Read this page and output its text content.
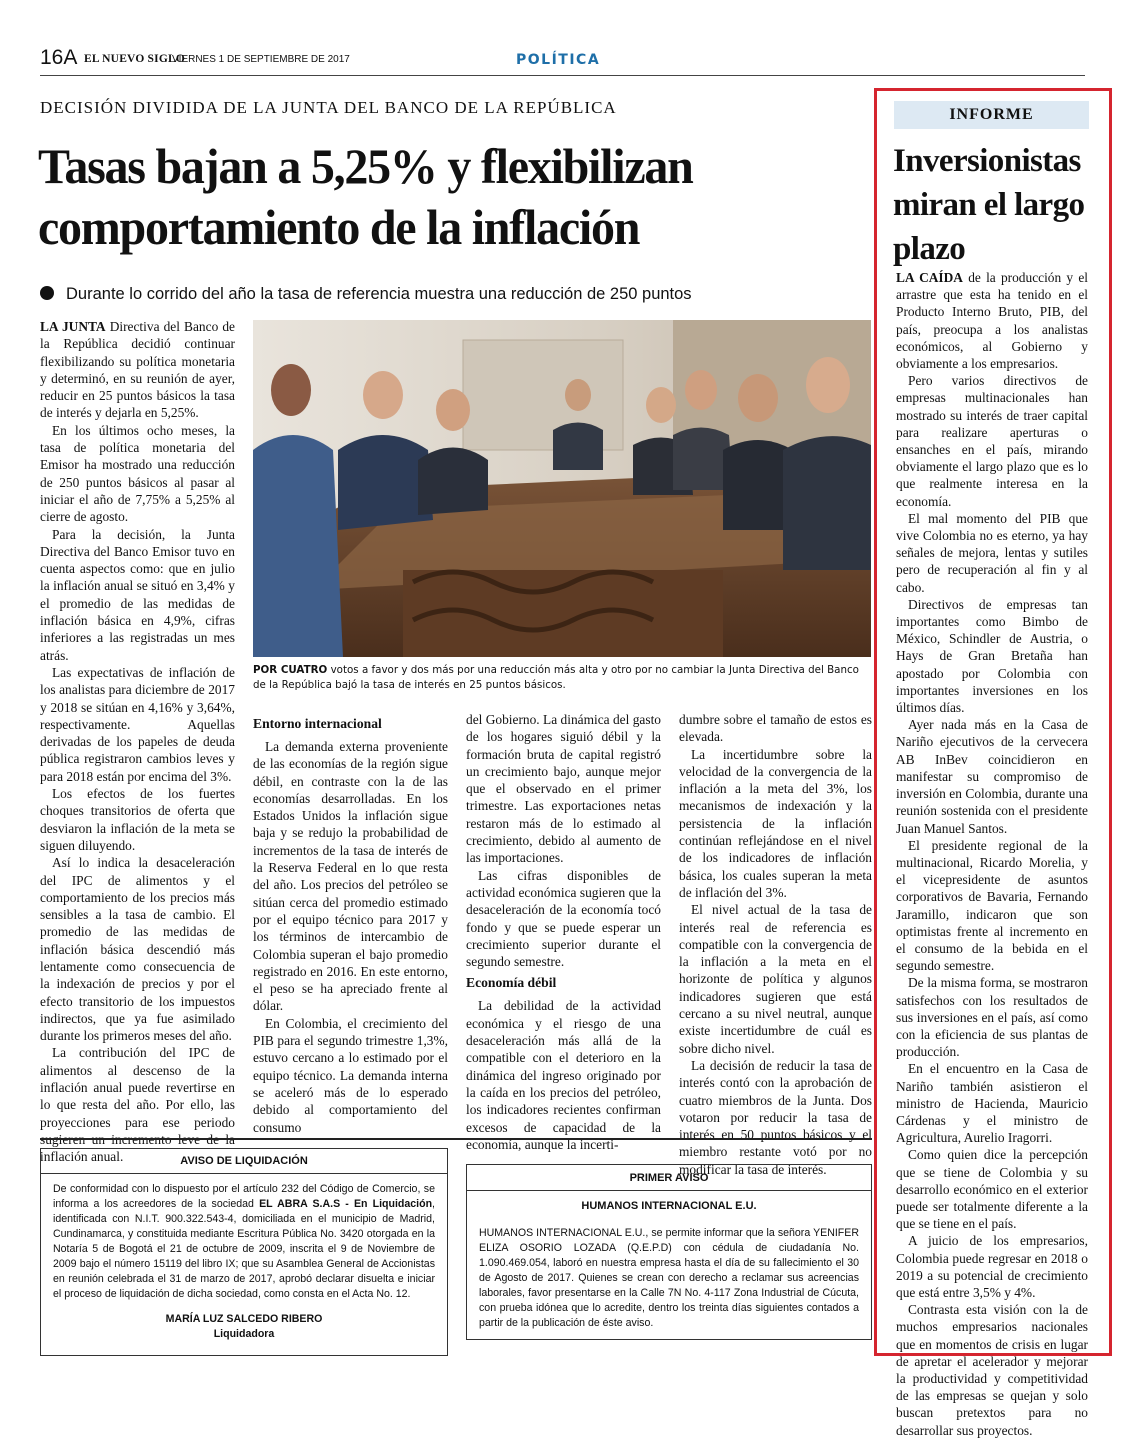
16A EL NUEVO SIGLO
VIERNES 1 DE SEPTIEMBRE DE 2017	POLÍTICA
DECISIÓN DIVIDIDA DE LA JUNTA DEL BANCO DE LA REPÚBLICA
Tasas bajan a 5,25% y flexibilizan comportamiento de la inflación
Durante lo corrido del año la tasa de referencia muestra una reducción de 250 puntos

LA JUNTA Directiva del Banco de la República decidió continuar flexibilizando su política monetaria y determinó, en su reunión de ayer, reducir en 25 puntos básicos la tasa de interés y dejarla en 5,25%.

En los últimos ocho meses, la tasa de política monetaria del Emisor ha mostrado una reducción de 250 puntos básicos al pasar al iniciar el año de 7,75% a 5,25% al cierre de agosto.

Para la decisión, la Junta Directiva del Banco Emisor tuvo en cuenta aspectos como: que en julio la inflación anual se situó en 3,4% y el promedio de las medidas de inflación básica en 4,9%, cifras inferiores a las registradas un mes atrás.

Las expectativas de inflación de los analistas para diciembre de 2017 y 2018 se sitúan en 4,16% y 3,64%, respectivamente. Aquellas derivadas de los papeles de deuda pública registraron cambios leves y para 2018 están por encima del 3%.

Los efectos de los fuertes choques transitorios de oferta que desviaron la inflación de la meta se siguen diluyendo.

Así lo indica la desaceleración del IPC de alimentos y el comportamiento de los precios más sensibles a la tasa de cambio. El promedio de las medidas de inflación básica descendió más lentamente como consecuencia de la indexación de precios y por el efecto transitorio de los impuestos indirectos, que ya fue asimilado durante los primeros meses del año.

La contribución del IPC de alimentos al descenso de la inflación anual puede revertirse en lo que resta del año. Por ello, las proyecciones para ese periodo sugieren un incremento leve de la inflación anual.

POR CUATRO votos a favor y dos más por una reducción más alta y otro por no cambiar la Junta Directiva del Banco de la República bajó la tasa de interés en 25 puntos básicos.
Entorno internacional

La demanda externa proveniente de las economías de la región sigue débil, en contraste con la de las economías desarrolladas. En los Estados Unidos la inflación sigue baja y se redujo la probabilidad de incrementos de la tasa de interés de la Reserva Federal en lo que resta del año. Los precios del petróleo se sitúan cerca del promedio estimado por el equipo técnico para 2017 y los términos de intercambio de Colombia superan el bajo promedio registrado en 2016. En este entorno, el peso se ha apreciado frente al dólar.

En Colombia, el crecimiento del PIB para el segundo trimestre 1,3%, estuvo cercano a lo estimado por el equipo técnico. La demanda interna se aceleró más de lo esperado debido al comportamiento del consumo

del Gobierno. La dinámica del gasto de los hogares siguió débil y la formación bruta de capital registró un crecimiento bajo, aunque mejor que el observado en el primer trimestre. Las exportaciones netas restaron más de lo estimado al crecimiento, debido al aumento de las importaciones.

Las cifras disponibles de actividad económica sugieren que la desaceleración de la economía tocó fondo y que se puede esperar un crecimiento superior durante el segundo semestre.

Economía débil

La debilidad de la actividad económica y el riesgo de una desaceleración más allá de la compatible con el deterioro en la dinámica del ingreso originado por la caída en los precios del petróleo, los indicadores recientes confirman excesos de capacidad de la economía, aunque la incerti-

dumbre sobre el tamaño de estos es elevada.

La incertidumbre sobre la velocidad de la convergencia de la inflación a la meta del 3%, los mecanismos de indexación y la persistencia de la inflación continúan reflejándose en el nivel de los indicadores de inflación básica, los cuales superan la meta de inflación del 3%.

El nivel actual de la tasa de interés real de referencia es compatible con la convergencia de la inflación a la meta en el horizonte de política y algunos indicadores sugieren que está cercano a su nivel neutral, aunque existe incertidumbre de cuál es sobre dicho nivel.

La decisión de reducir la tasa de interés contó con la aprobación de cuatro miembros de la Junta. Dos votaron por reducir la tasa de interés en 50 puntos básicos y el miembro restante votó por no modificar la tasa de interés.

AVISO DE LIQUIDACIÓN

De conformidad con lo dispuesto por el artículo 232 del Código de Comercio, se informa a los acreedores de la sociedad EL ABRA S.A.S - En Liquidación, identificada con N.I.T. 900.322.543-4, domiciliada en el municipio de Madrid, Cundinamarca, y constituida mediante Escritura Pública No. 3420 otorgada en la Notaría 5 de Bogotá el 21 de octubre de 2009, inscrita el 9 de Noviembre de 2009 bajo el número 15119 del libro IX; que su Asamblea General de Accionistas en reunión celebrada el 31 de marzo de 2017, aprobó declarar disuelta e iniciar el proceso de liquidación de dicha sociedad, como consta en el Acta No. 12.

MARÍA LUZ SALCEDO RIBERO
Liquidadora
PRIMER AVISO
HUMANOS INTERNACIONAL E.U.

HUMANOS INTERNACIONAL E.U., se permite informar que la señora YENIFER ELIZA OSORIO LOZADA (Q.E.P.D) con cédula de ciudadanía No. 1.090.469.054, laboró en nuestra empresa hasta el día de su fallecimiento el 30 de Agosto de 2017. Quienes se crean con derecho a reclamar sus acreencias laborales, favor presentarse en la Calle 7N No. 4-117 Zona Industrial de Cúcuta, con prueba idónea que lo acredite, dentro los treinta días siguientes contados a partir de la publicación de éste aviso.

INFORME
Inversionistas miran el largo plazo

LA CAÍDA de la producción y el arrastre que esta ha tenido en el Producto Interno Bruto, PIB, del país, preocupa a los analistas económicos, al Gobierno y obviamente a los empresarios.

Pero varios directivos de empresas multinacionales han mostrado su interés de traer capital para realizare aperturas o ensanches en el país, mirando obviamente el largo plazo que es lo que realmente interesa en la economía.

El mal momento del PIB que vive Colombia no es eterno, ya hay señales de mejora, lentas y sutiles pero de recuperación al fin y al cabo.

Directivos de empresas tan importantes como Bimbo de México, Schindler de Austria, o Hays de Gran Bretaña han apostado por Colombia con importantes inversiones en los últimos días.

Ayer nada más en la Casa de Nariño ejecutivos de la cervecera AB InBev coincidieron en manifestar su compromiso de inversión en Colombia, durante una reunión sostenida con el presidente Juan Manuel Santos.

El presidente regional de la multinacional, Ricardo Morelia, y el vicepresidente de asuntos corporativos de Bavaria, Fernando Jaramillo, indicaron que son optimistas frente al incremento en el consumo de la bebida en el segundo semestre.

De la misma forma, se mostraron satisfechos con los resultados de sus inversiones en el país, así como con la eficiencia de sus plantas de producción.

En el encuentro en la Casa de Nariño también asistieron el ministro de Hacienda, Mauricio Cárdenas y el ministro de Agricultura, Aurelio Iragorri.

Como quien dice la percepción que se tiene de Colombia y su desarrollo económico en el exterior puede ser totalmente diferente a la que se tiene en el país.

A juicio de los empresarios, Colombia puede regresar en 2018 o 2019 a su potencial de crecimiento que está entre 3,5% y 4%.

Contrasta esta visión con la de muchos empresarios nacionales que en momentos de crisis en lugar de apretar el acelerador y mejorar la productividad y competitividad de las empresas se quejan y solo buscan pretextos para no desarrollar sus proyectos.
